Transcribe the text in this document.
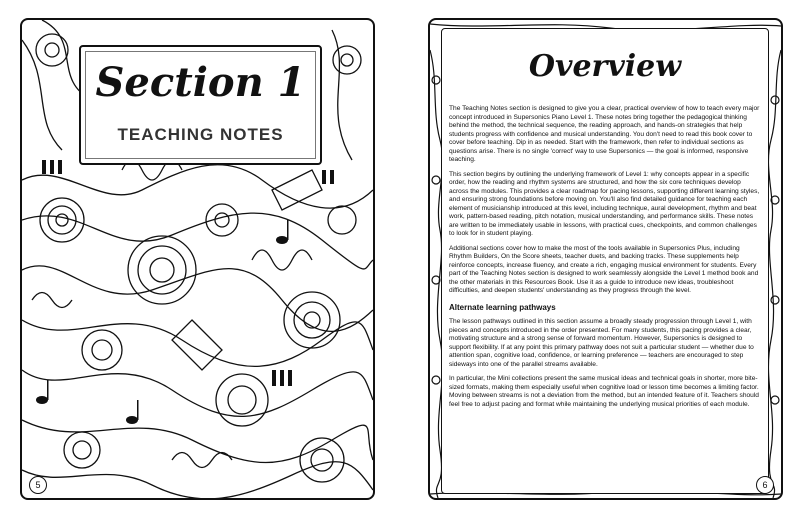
Section 1
TEACHING NOTES
5
Overview

The Teaching Notes section is designed to give you a clear, practical overview of how to teach every major concept introduced in Supersonics Piano Level 1. These notes bring together the pedagogical thinking behind the method, the technical sequence, the reading approach, and hands-on strategies that help students progress with confidence and musical understanding. You don't need to read this book cover to cover before teaching. Dip in as needed. Start with the framework, then refer to individual sections as questions arise. There is no single 'correct' way to use Supersonics — the goal is informed, responsive teaching.

This section begins by outlining the underlying framework of Level 1: why concepts appear in a specific order, how the reading and rhythm systems are structured, and how the six core techniques develop across the modules. This provides a clear roadmap for pacing lessons, supporting different learning styles, and ensuring strong foundations before moving on. You'll also find detailed guidance for teaching each element of musicianship introduced at this level, including technique, aural development, rhythm and beat work, pattern-based reading, pitch notation, musical understanding, and performance skills. These notes are written to be immediately usable in lessons, with practical cues, checkpoints, and common challenges to look for in student playing.

Additional sections cover how to make the most of the tools available in Supersonics Plus, including Rhythm Builders, On the Score sheets, teacher duets, and backing tracks. These supplements help reinforce concepts, increase fluency, and create a rich, engaging musical environment for students. Every part of the Teaching Notes section is designed to work seamlessly alongside the Level 1 method book and the other materials in this Resources Book. Use it as a guide to introduce new ideas, troubleshoot difficulties, and deepen students' understanding as they progress through the level.

Alternate learning pathways

The lesson pathways outlined in this section assume a broadly steady progression through Level 1, with pieces and concepts introduced in the order presented. For many students, this pacing provides a clear, motivating structure and a strong sense of forward momentum. However, Supersonics is designed to support flexibility. If at any point this primary pathway does not suit a particular student — whether due to attention span, cognitive load, confidence, or learning preference — teachers are encouraged to step sideways into one of the parallel streams available.

In particular, the Mini collections present the same musical ideas and technical goals in shorter, more bite-sized formats, making them especially useful when cognitive load or lesson time becomes a limiting factor. Moving between streams is not a deviation from the method, but an intended feature of it. Teachers should feel free to adjust pacing and format while maintaining the underlying musical priorities of each module.

6
